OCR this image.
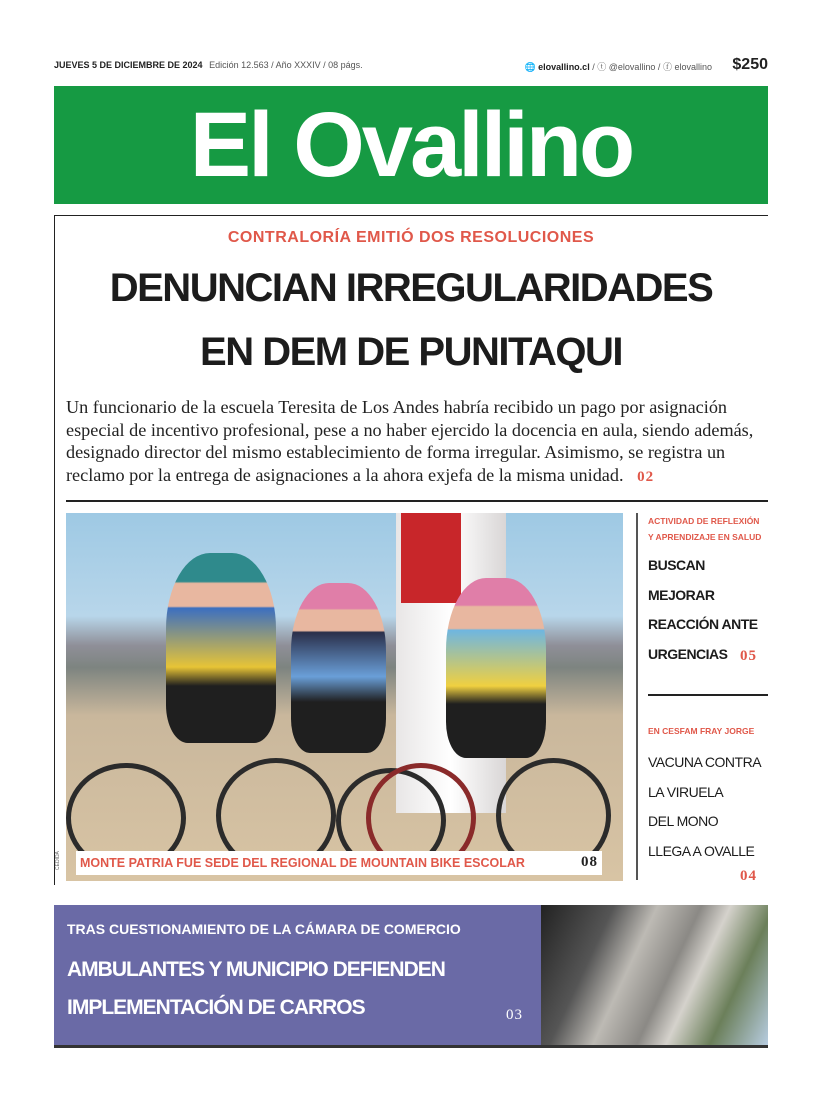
JUEVES 5 DE DICIEMBRE DE 2024 Edición 12.563 / Año XXXIV / 08 págs.	🌐 elovallino.cl / ⓣ @elovallino / ⓕ elovallino $250
El Ovallino
CONTRALORÍA EMITIÓ DOS RESOLUCIONES
DENUNCIAN IRREGULARIDADES
EN DEM DE PUNITAQUI
Un funcionario de la escuela Teresita de Los Andes habría recibido un pago por asignación especial de incentivo profesional, pese a no haber ejercido la docencia en aula, siendo además, designado director del mismo establecimiento de forma irregular. Asimismo, se registra un reclamo por la entrega de asignaciones a la ahora exjefa de la misma unidad. 02
CEDIDA	MONTE PATRIA FUE SEDE DEL REGIONAL DE MOUNTAIN BIKE ESCOLAR	08
ACTIVIDAD DE REFLEXIÓN
Y APRENDIZAJE EN SALUD
BUSCAN
MEJORAR
REACCIÓN ANTE
URGENCIAS 05
EN CESFAM FRAY JORGE
VACUNA CONTRA
LA VIRUELA
DEL MONO
LLEGA A OVALLE
04
TRAS CUESTIONAMIENTO DE LA CÁMARA DE COMERCIO
AMBULANTES Y MUNICIPIO DEFIENDEN
IMPLEMENTACIÓN DE CARROS	03
